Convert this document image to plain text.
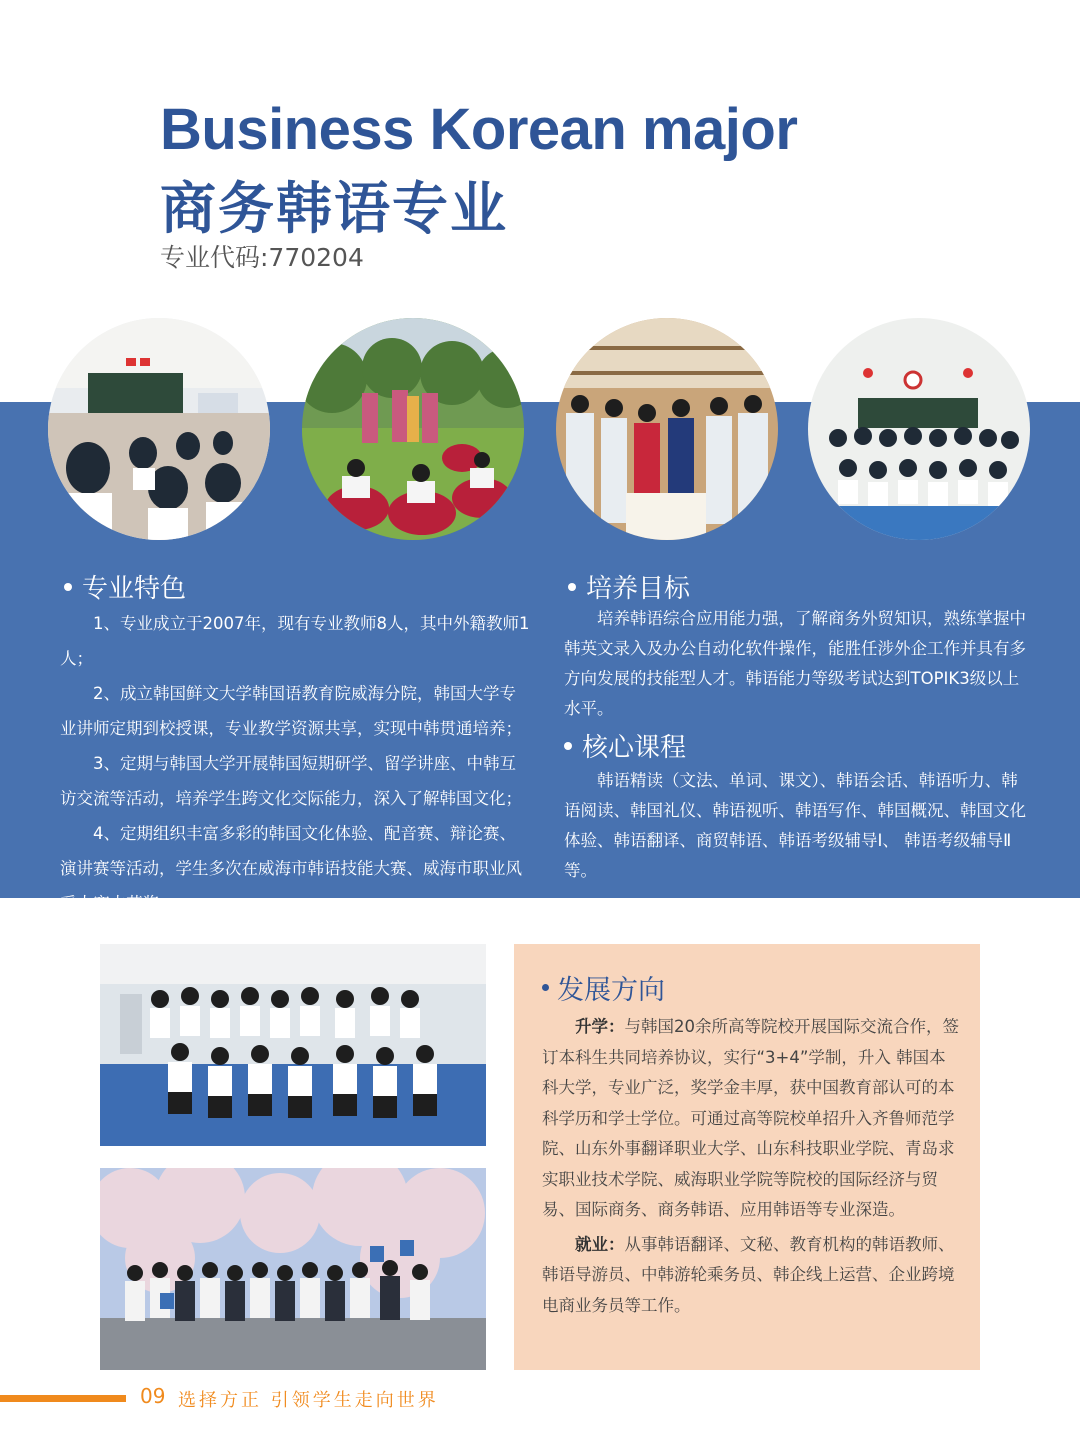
Business Korean major
商务韩语专业
专业代码:770204
专业特色

1、专业成立于2007年，现有专业教师8人，其中外籍教师1人；

2、成立韩国鲜文大学韩国语教育院威海分院，韩国大学专业讲师定期到校授课，专业教学资源共享，实现中韩贯通培养；

3、定期与韩国大学开展韩国短期研学、留学讲座、中韩互访交流等活动，培养学生跨文化交际能力，深入了解韩国文化；

4、定期组织丰富多彩的韩国文化体验、配音赛、辩论赛、演讲赛等活动，学生多次在威海市韩语技能大赛、威海市职业风采大赛中获奖。

培养目标

培养韩语综合应用能力强，了解商务外贸知识，熟练掌握中韩英文录入及办公自动化软件操作，能胜任涉外企工作并具有多方向发展的技能型人才。韩语能力等级考试达到TOPIK3级以上水平。

核心课程

韩语精读（文法、单词、课文）、韩语会话、韩语听力、韩语阅读、韩国礼仪、韩语视听、韩语写作、韩国概况、韩国文化体验、韩语翻译、商贸韩语、韩语考级辅导Ⅰ、 韩语考级辅导Ⅱ等。

发展方向

升学：与韩国20余所高等院校开展国际交流合作，签订本科生共同培养协议，实行“3+4”学制，升入 韩国本科大学，专业广泛，奖学金丰厚，获中国教育部认可的本科学历和学士学位。可通过高等院校单招升入齐鲁师范学院、山东外事翻译职业大学、山东科技职业学院、青岛求实职业技术学院、威海职业学院等院校的国际经济与贸易、国际商务、商务韩语、应用韩语等专业深造。

就业：从事韩语翻译、文秘、教育机构的韩语教师、韩语导游员、中韩游轮乘务员、韩企线上运营、企业跨境电商业务员等工作。

09 选择方正 引领学生走向世界
